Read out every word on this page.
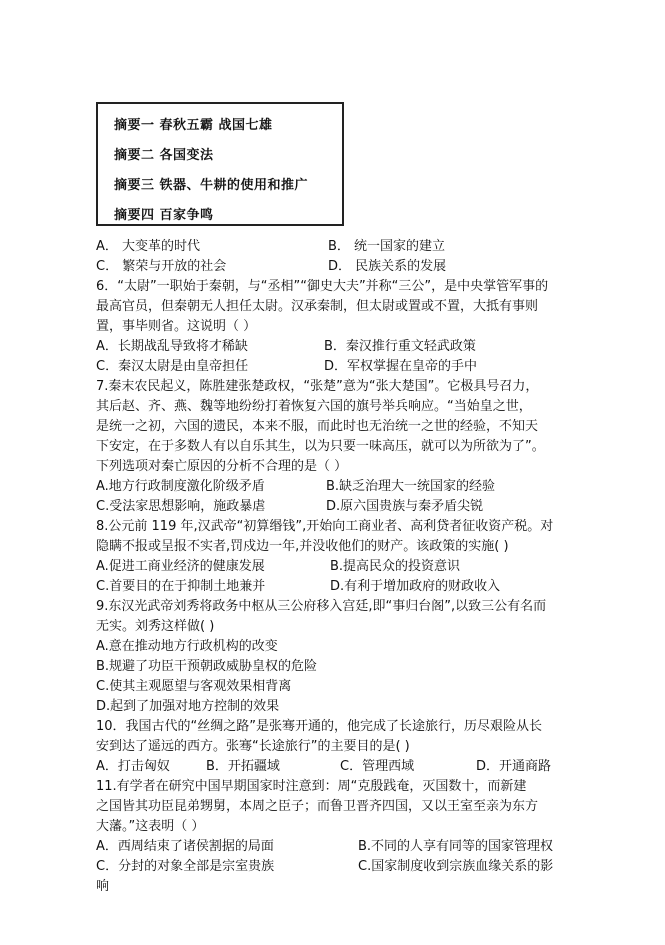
摘要一 春秋五霸 战国七雄
摘要二 各国变法
摘要三 铁器、牛耕的使用和推广
摘要四 百家争鸣
A． 大变革的时代	B． 统一国家的建立
C． 繁荣与开放的社会	D． 民族关系的发展
6．“太尉”一职始于秦朝，与“丞相”“御史大夫”并称“三公”，是中央掌管军事的
最高官员，但秦朝无人担任太尉。汉承秦制，但太尉或置或不置，大抵有事则
置，事毕则省。这说明（ ）
A．长期战乱导致将才稀缺	B．秦汉推行重文轻武政策
C．秦汉太尉是由皇帝担任	D．军权掌握在皇帝的手中
7.秦末农民起义，陈胜建张楚政权，“张楚”意为“张大楚国”。它极具号召力，
其后赵、齐、燕、魏等地纷纷打着恢复六国的旗号举兵响应。“当始皇之世，
是统一之初，六国的遗民，本来不服，而此时也无治统一之世的经验，不知天
下安定，在于多数人有以自乐其生，以为只要一味高压，就可以为所欲为了”。
下列选项对秦亡原因的分析不合理的是（ ）
A.地方行政制度激化阶级矛盾	B.缺乏治理大一统国家的经验
C.受法家思想影响，施政暴虐	D.原六国贵族与秦矛盾尖锐
8.公元前 119 年,汉武帝“初算缗钱”,开始向工商业者、高利贷者征收资产税。对
隐瞒不报或呈报不实者,罚戍边一年,并没收他们的财产。该政策的实施( )
A.促进工商业经济的健康发展	B.提高民众的投资意识
C.首要目的在于抑制土地兼并	D.有利于增加政府的财政收入
9.东汉光武帝刘秀将政务中枢从三公府移入宫廷,即“事归台阁”,以致三公有名而
无实。刘秀这样做( )
A.意在推动地方行政机构的改变
B.规避了功臣干预朝政威胁皇权的危险
C.使其主观愿望与客观效果相背离
D.起到了加强对地方控制的效果
10．我国古代的“丝绸之路”是张骞开通的，他完成了长途旅行，历尽艰险从长
安到达了遥远的西方。张骞“长途旅行”的主要目的是( )
A．打击匈奴	B．开拓疆域	C．管理西域	D．开通商路
11.有学者在研究中国早期国家时注意到：周“克殷践奄，灭国数十，而新建
之国皆其功臣昆弟甥舅，本周之臣子；而鲁卫晋齐四国，又以王室至亲为东方
大藩。”这表明（ ）
A．西周结束了诸侯割据的局面	B.不同的人享有同等的国家管理权
C．分封的对象全部是宗室贵族	C.国家制度收到宗族血缘关系的影
响
